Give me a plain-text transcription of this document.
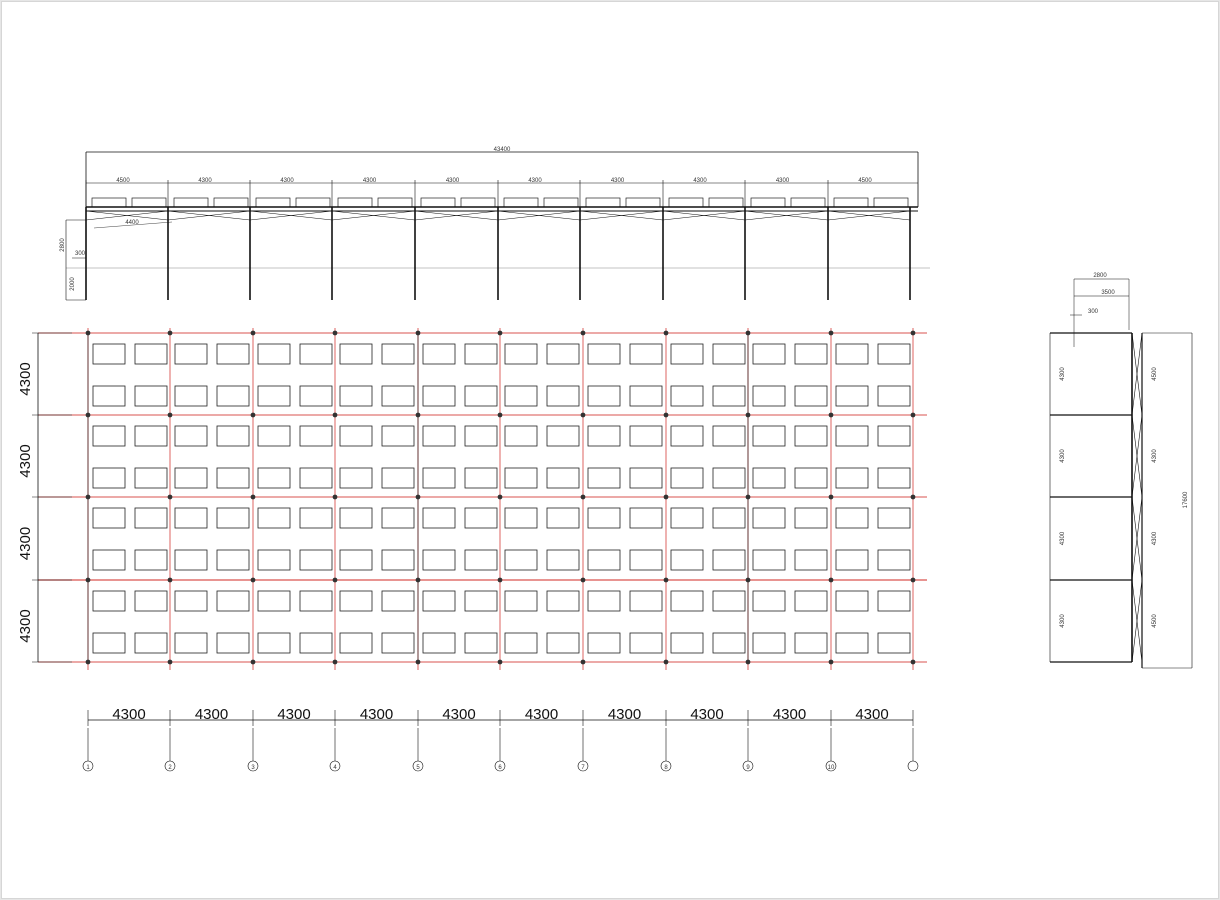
43400
4500	4300	4300	4300	4300	4300	4300	4300	4300	4500
4400
2800
300
2000
4300
4300
4300
4300
4300	4300	4300	4300	4300	4300	4300	4300	4300	4300
1	2	3	4	5	6	7	8	9	10
2800
3500
300
4300
4300
4300
4300
4500
4300
4300
4500
17600
